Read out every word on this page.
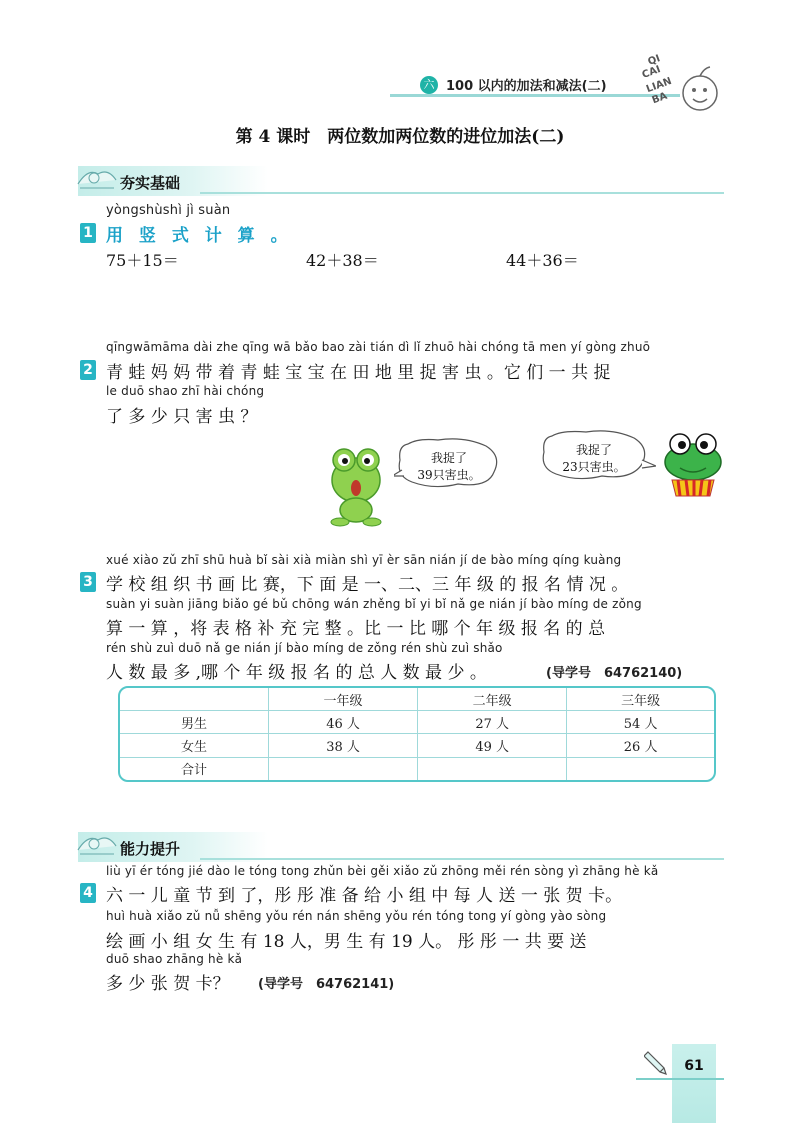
六 100 以内的加法和减法(二)
QI
CAI
LIAN
BA
第 4 课时　两位数加两位数的进位加法(二)
夯实基础
yòngshùshì jì suàn
1 用 竖 式 计 算 。
75＋15＝	42＋38＝	44＋36＝
qīngwāmāma dài zhe qīng wā bǎo bao zài tián dì lǐ zhuō hài chóng tā men yí gòng zhuō
2 青 蛙 妈 妈 带 着 青 蛙 宝 宝 在 田 地 里 捉 害 虫 。它 们 一 共 捉
le duō shao zhī hài chóng
了 多 少 只 害 虫 ？
我捉了
39只害虫。
我捉了
23只害虫。
xué xiào zǔ zhī shū huà bǐ sài xià miàn shì yī èr sān nián jí de bào míng qíng kuàng
3 学 校 组 织 书 画 比 赛，下 面 是 一、二、三 年 级 的 报 名 情 况 。
suàn yi suàn jiāng biǎo gé bǔ chōng wán zhěng bǐ yi bǐ nǎ ge nián jí bào míng de zǒng
算 一 算 ，将 表 格 补 充 完 整 。比 一 比 哪 个 年 级 报 名 的 总
rén shù zuì duō nǎ ge nián jí bào míng de zǒng rén shù zuì shǎo
人 数 最 多 ,哪 个 年 级 报 名 的 总 人 数 最 少 。	(导学号　64762140)
	一年级	二年级	三年级
男生	46 人	27 人	54 人
女生	38 人	49 人	26 人
合计			
能力提升
liù yī ér tóng jié dào le tóng tong zhǔn bèi gěi xiǎo zǔ zhōng měi rén sòng yì zhāng hè kǎ
4 六 一 儿 童 节 到 了，彤 彤 准 备 给 小 组 中 每 人 送 一 张 贺 卡。
huì huà xiǎo zǔ nǚ shēng yǒu rén nán shēng yǒu rén tóng tong yí gòng yào sòng
绘 画 小 组 女 生 有 18 人，男 生 有 19 人。 彤 彤 一 共 要 送
duō shao zhāng hè kǎ
多 少 张 贺 卡？ (导学号　64762141)
61
